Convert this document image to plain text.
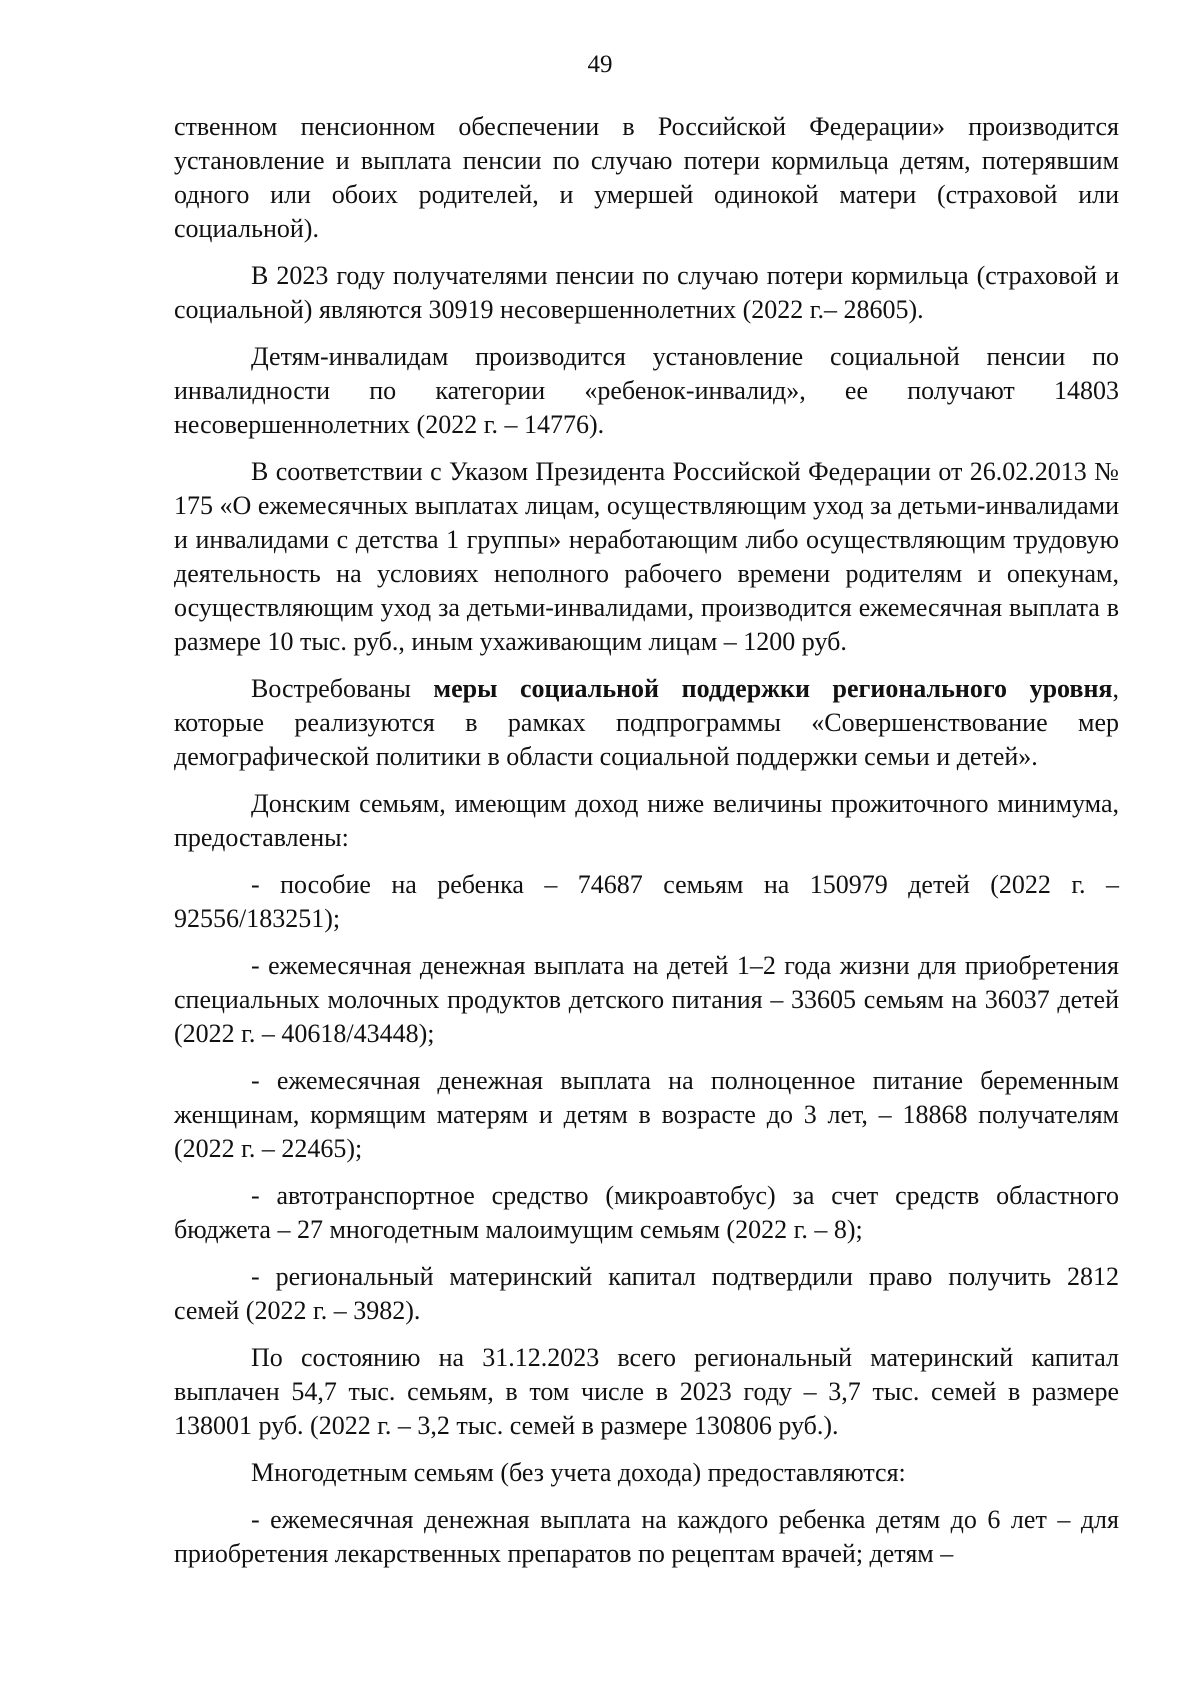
49

ственном пенсионном обеспечении в Российской Федерации» производится установление и выплата пенсии по случаю потери кормильца детям, потерявшим одного или обоих родителей, и умершей одинокой матери (страховой или социальной).

В 2023 году получателями пенсии по случаю потери кормильца (страховой и социальной) являются 30919 несовершеннолетних (2022 г.– 28605).

Детям-инвалидам производится установление социальной пенсии по инвалидности по категории «ребенок-инвалид», ее получают 14803 несовершеннолетних (2022 г. – 14776).

В соответствии с Указом Президента Российской Федерации от 26.02.2013 № 175 «О ежемесячных выплатах лицам, осуществляющим уход за детьми-инвалидами и инвалидами с детства 1 группы» неработающим либо осуществляющим трудовую деятельность на условиях неполного рабочего времени родителям и опекунам, осуществляющим уход за детьми-инвалидами, производится ежемесячная выплата в размере 10 тыс. руб., иным ухаживающим лицам – 1200 руб.

Востребованы меры социальной поддержки регионального уровня, которые реализуются в рамках подпрограммы «Совершенствование мер демографической политики в области социальной поддержки семьи и детей».

Донским семьям, имеющим доход ниже величины прожиточного минимума, предоставлены:

- пособие на ребенка – 74687 семьям на 150979 детей (2022 г. – 92556/183251);

- ежемесячная денежная выплата на детей 1–2 года жизни для приобретения специальных молочных продуктов детского питания – 33605 семьям на 36037 детей (2022 г. – 40618/43448);

- ежемесячная денежная выплата на полноценное питание беременным женщинам, кормящим матерям и детям в возрасте до 3 лет, – 18868 получателям (2022 г. – 22465);

- автотранспортное средство (микроавтобус) за счет средств областного бюджета – 27 многодетным малоимущим семьям (2022 г. – 8);

- региональный материнский капитал подтвердили право получить 2812 семей (2022 г. – 3982).

По состоянию на 31.12.2023 всего региональный материнский капитал выплачен 54,7 тыс. семьям, в том числе в 2023 году – 3,7 тыс. семей в размере 138001 руб. (2022 г. – 3,2 тыс. семей в размере 130806 руб.).

Многодетным семьям (без учета дохода) предоставляются:

- ежемесячная денежная выплата на каждого ребенка детям до 6 лет – для приобретения лекарственных препаратов по рецептам врачей; детям –
